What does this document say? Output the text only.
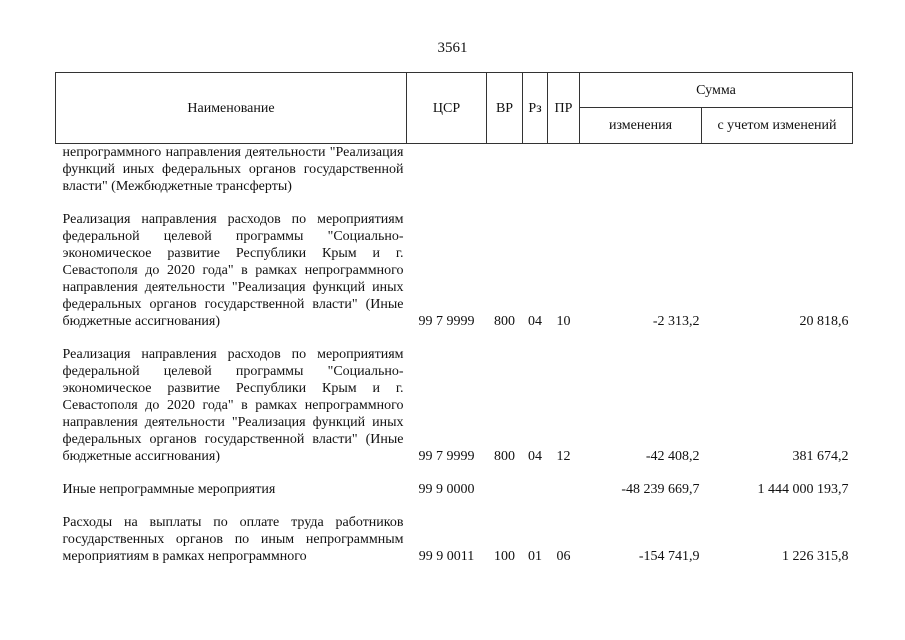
3561
Наименование	ЦСР	ВР	Рз	ПР	Сумма	
					изменения	с учетом изменений

непрограммного направления деятельности "Реализация функций иных федеральных органов государственной власти" (Межбюджетные трансферты)						

Реализация направления расходов по мероприятиям федеральной целевой программы "Социально-экономическое развитие Республики Крым и г. Севастополя до 2020 года" в рамках непрограммного направления деятельности "Реализация функций иных федеральных органов государственной власти" (Иные бюджетные ассигнования)	99 7 9999	800	04	10	-2 313,2	20 818,6

Реализация направления расходов по мероприятиям федеральной целевой программы "Социально-экономическое развитие Республики Крым и г. Севастополя до 2020 года" в рамках непрограммного направления деятельности "Реализация функций иных федеральных органов государственной власти" (Иные бюджетные ассигнования)	99 7 9999	800	04	12	-42 408,2	381 674,2

Иные непрограммные мероприятия	99 9 0000				-48 239 669,7	1 444 000 193,7

Расходы на выплаты по оплате труда работников государственных органов по иным непрограммным мероприятиям в рамках непрограммного	99 9 0011	100	01	06	-154 741,9	1 226 315,8
